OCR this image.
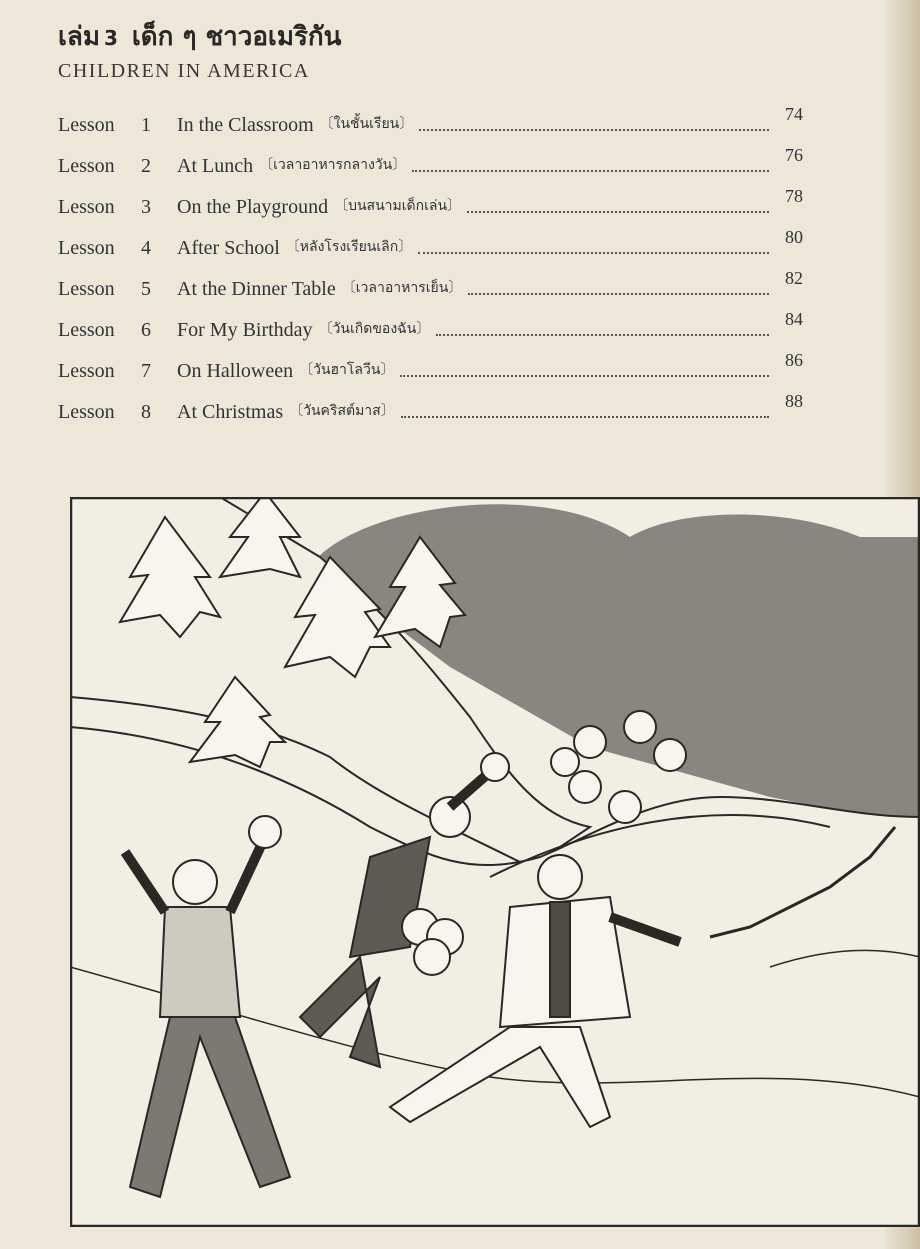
เล่ม 3 เด็ก ๆ ชาวอเมริกัน
CHILDREN IN AMERICA
Lesson	1	In the Classroom 〔ในชั้นเรียน〕	74
Lesson	2	At Lunch 〔เวลาอาหารกลางวัน〕	76
Lesson	3	On the Playground 〔บนสนามเด็กเล่น〕	78
Lesson	4	After School 〔หลังโรงเรียนเลิก〕	80
Lesson	5	At the Dinner Table 〔เวลาอาหารเย็น〕	82
Lesson	6	For My Birthday 〔วันเกิดของฉัน〕	84
Lesson	7	On Halloween 〔วันฮาโลวีน〕	86
Lesson	8	At Christmas 〔วันคริสต์มาส〕	88
